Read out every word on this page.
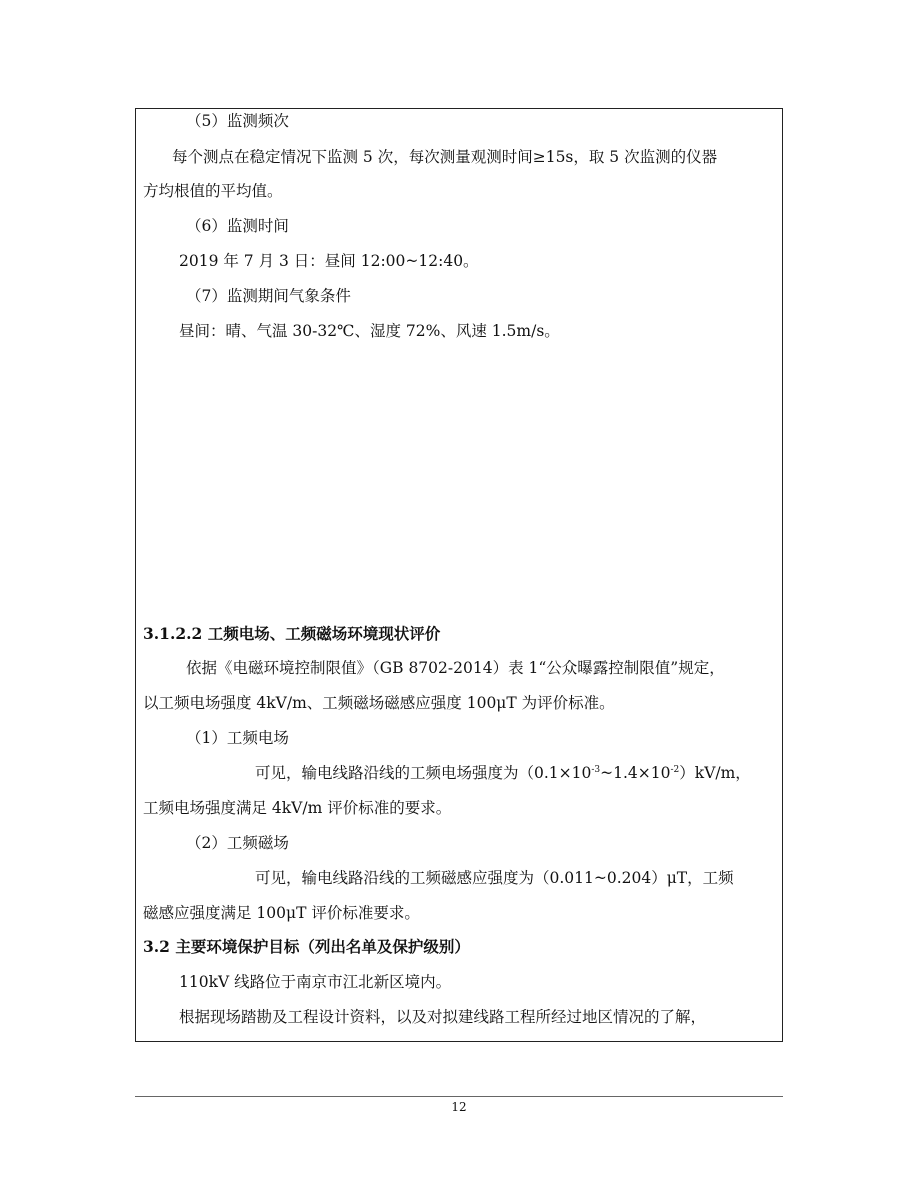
（5）监测频次
每个测点在稳定情况下监测 5 次，每次测量观测时间≥15s，取 5 次监测的仪器
方均根值的平均值。
（6）监测时间
2019 年 7 月 3 日：昼间 12:00~12:40。
（7）监测期间气象条件
昼间：晴、气温 30-32℃、湿度 72%、风速 1.5m/s。
3.1.2.2 工频电场、工频磁场环境现状评价
依据《电磁环境控制限值》（GB 8702-2014）表 1“公众曝露控制限值”规定，
以工频电场强度 4kV/m、工频磁场磁感应强度 100μT 为评价标准。
（1）工频电场
可见，输电线路沿线的工频电场强度为$(0.1\times 10^{-3}\sim 1.4\times 10^{-2})kV/m$，
工频电场强度满足 4kV/m 评价标准的要求。
（2）工频磁场
可见，输电线路沿线的工频磁感应强度为（0.011~0.204）μT，工频
磁感应强度满足 100μT 评价标准要求。
3.2 主要环境保护目标（列出名单及保护级别）
110kV 线路位于南京市江北新区境内。
根据现场踏勘及工程设计资料，以及对拟建线路工程所经过地区情况的了解，
12
